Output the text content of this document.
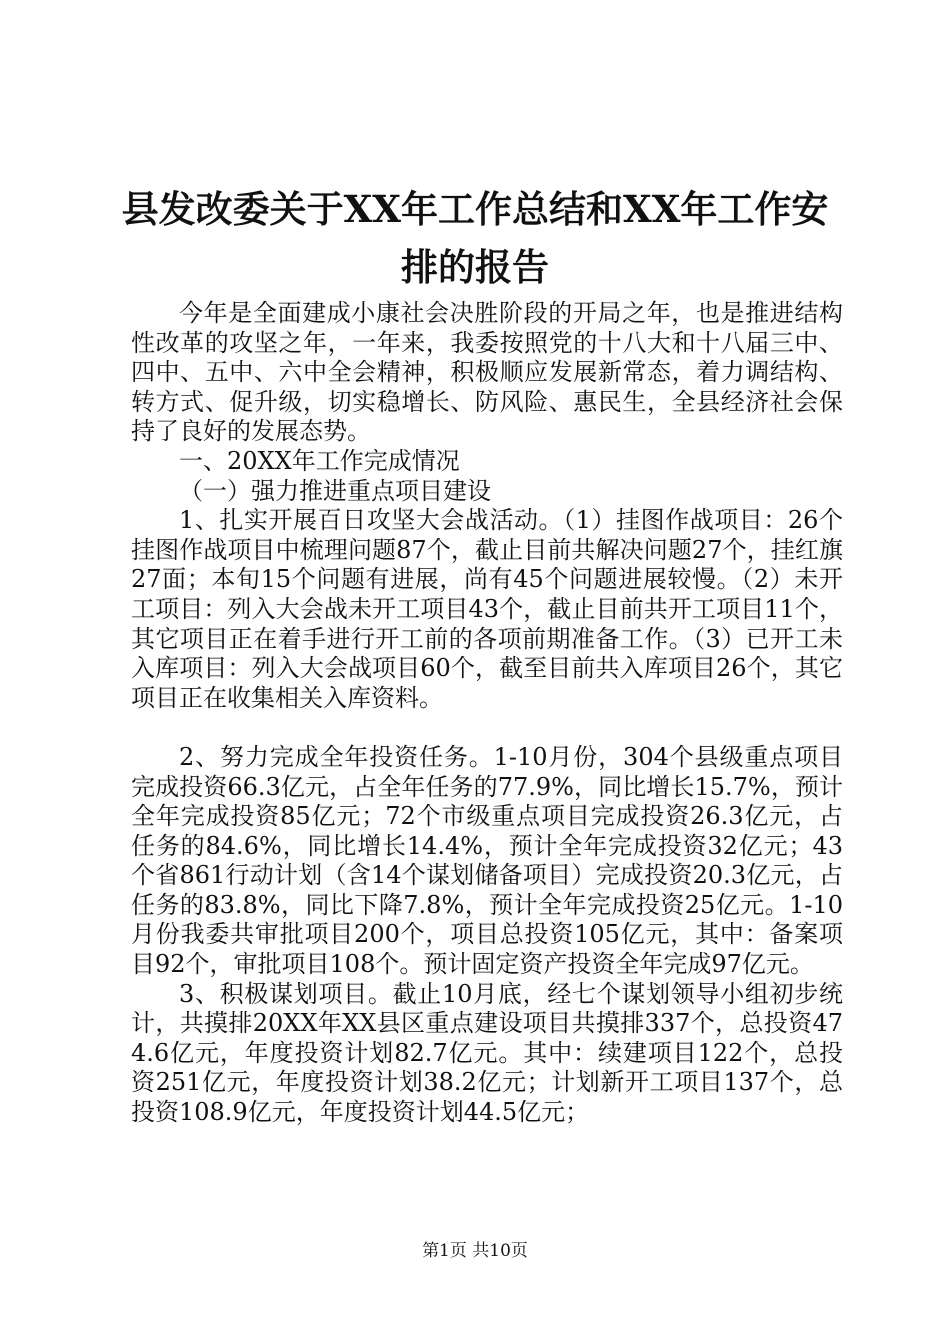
县发改委关于XX年工作总结和XX年工作安排的报告

今年是全面建成小康社会决胜阶段的开局之年，也是推进结构性改革的攻坚之年，一年来，我委按照党的十八大和十八届三中、四中、五中、六中全会精神，积极顺应发展新常态，着力调结构、转方式、促升级，切实稳增长、防风险、惠民生，全县经济社会保持了良好的发展态势。

一、20XX年工作完成情况

（一）强力推进重点项目建设

1、扎实开展百日攻坚大会战活动。（1）挂图作战项目：26个挂图作战项目中梳理问题87个，截止目前共解决问题27个，挂红旗27面；本旬15个问题有进展，尚有45个问题进展较慢。（2）未开工项目：列入大会战未开工项目43个，截止目前共开工项目11个，其它项目正在着手进行开工前的各项前期准备工作。（3）已开工未入库项目：列入大会战项目60个，截至目前共入库项目26个，其它项目正在收集相关入库资料。

2、努力完成全年投资任务。1-10月份，304个县级重点项目完成投资66.3亿元，占全年任务的77.9%，同比增长15.7%，预计全年完成投资85亿元；72个市级重点项目完成投资26.3亿元，占任务的84.6%，同比增长14.4%，预计全年完成投资32亿元；43个省861行动计划（含14个谋划储备项目）完成投资20.3亿元，占任务的83.8%，同比下降7.8%，预计全年完成投资25亿元。1-10月份我委共审批项目200个，项目总投资105亿元，其中：备案项目92个，审批项目108个。预计固定资产投资全年完成97亿元。

3、积极谋划项目。截止10月底，经七个谋划领导小组初步统计，共摸排20XX年XX县区重点建设项目共摸排337个，总投资474.6亿元，年度投资计划82.7亿元。其中：续建项目122个，总投资251亿元，年度投资计划38.2亿元；计划新开工项目137个，总投资108.9亿元，年度投资计划44.5亿元；

第1页 共10页
